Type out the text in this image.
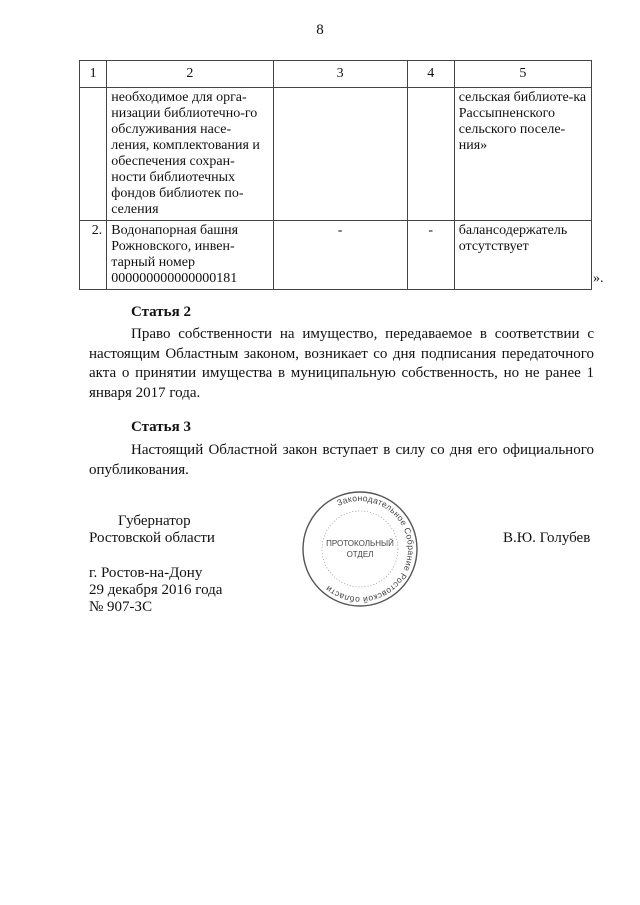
8
1	2	3	4	5
	необходимое для орга-низации библиотечно-го обслуживания насе-ления, комплектования и обеспечения сохран-ности библиотечных фондов библиотек по-селения			сельская библиоте-ка Рассыпненского сельского поселе-ния»
2.	Водонапорная башня Рожновского, инвен-тарный номер 000000000000000181	-	-	балансодержатель отсутствует
».
Статья 2

Право собственности на имущество, передаваемое в соответствии с настоящим Областным законом, возникает со дня подписания передаточного акта о принятии имущества в муниципальную собственность, но не ранее 1 января 2017 года.

Статья 3

Настоящий Областной закон вступает в силу со дня его официального опубликования.

Губернатор
Ростовской области	В.Ю. Голубев
г. Ростов-на-Дону
29 декабря 2016 года
№ 907-ЗС
Законодательное Собрание Ростовской области
ПРОТОКОЛЬНЫЙ
ОТДЕЛ
